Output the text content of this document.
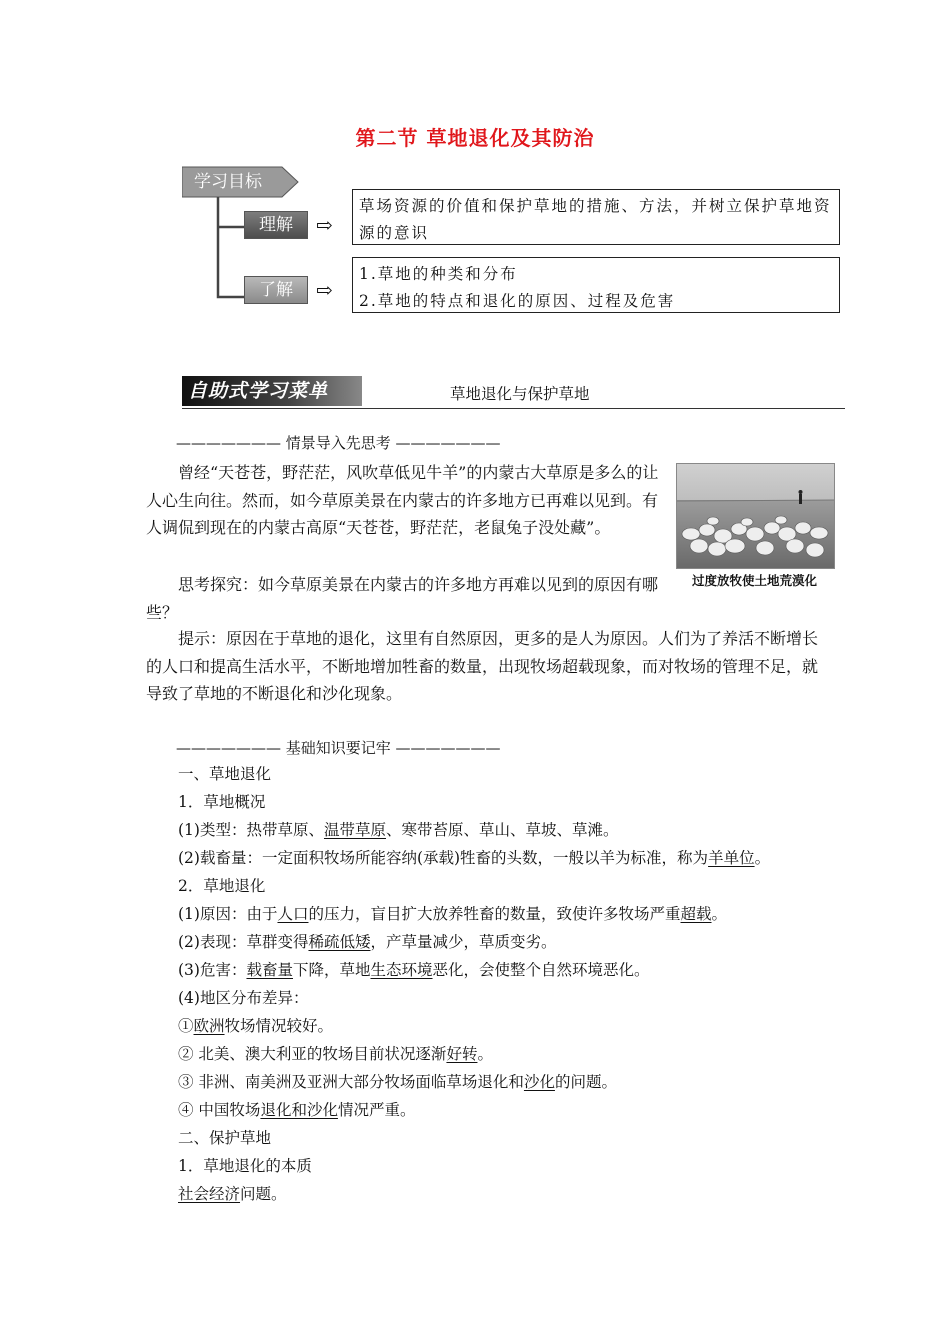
第二节 草地退化及其防治
学习目标
理解	⇨
草场资源的价值和保护草地的措施、方法，并树立保护草地资源的意识
了解	⇨
1.草地的种类和分布
2.草地的特点和退化的原因、过程及危害
自助式学习菜单	草地退化与保护草地
——————— 情景导入先思考 ———————
曾经“天苍苍，野茫茫，风吹草低见牛羊”的内蒙古大草原是多么的让人心生向往。然而，如今草原美景在内蒙古的许多地方已再难以见到。有人调侃到现在的内蒙古高原“天苍苍，野茫茫，老鼠兔子没处藏”。
思考探究：如今草原美景在内蒙古的许多地方再难以见到的原因有哪些？
过度放牧使土地荒漠化
提示：原因在于草地的退化，这里有自然原因，更多的是人为原因。人们为了养活不断增长的人口和提高生活水平，不断地增加牲畜的数量，出现牧场超载现象，而对牧场的管理不足，就导致了草地的不断退化和沙化现象。
——————— 基础知识要记牢 ———————
一、草地退化
1．草地概况
(1)类型：热带草原、温带草原、寒带苔原、草山、草坡、草滩。
(2)载畜量：一定面积牧场所能容纳(承载)牲畜的头数，一般以羊为标准，称为羊单位。
2．草地退化
(1)原因：由于人口的压力，盲目扩大放养牲畜的数量，致使许多牧场严重超载。
(2)表现：草群变得稀疏低矮，产草量减少，草质变劣。
(3)危害：载畜量下降，草地生态环境恶化，会使整个自然环境恶化。
(4)地区分布差异：
①欧洲牧场情况较好。
② 北美、澳大利亚的牧场目前状况逐渐好转。
③ 非洲、南美洲及亚洲大部分牧场面临草场退化和沙化的问题。
④ 中国牧场退化和沙化情况严重。
二、保护草地
1．草地退化的本质
社会经济问题。
